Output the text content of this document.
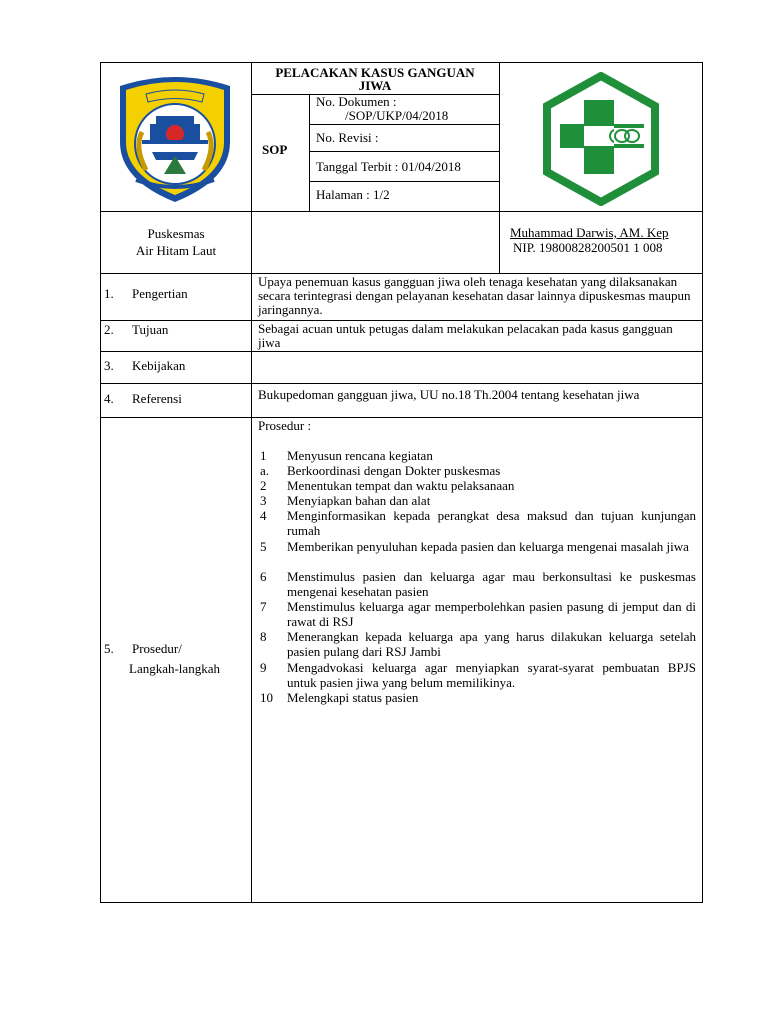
PELACAKAN KASUS GANGUAN
JIWA
SOP
No. Dokumen :
/SOP/UKP/04/2018
No. Revisi :
Tanggal Terbit : 01/04/2018
Halaman : 1/2
Puskesmas
Air Hitam Laut
Muhammad Darwis, AM. Kep
NIP. 19800828200501 1 008
1. Pengertian
2. Tujuan
3. Kebijakan
4. Referensi
5. Prosedur/
Langkah-langkah
Upaya penemuan kasus gangguan jiwa oleh tenaga kesehatan yang dilaksanakan secara terintegrasi dengan pelayanan kesehatan dasar lainnya dipuskesmas maupun jaringannya.
Sebagai acuan untuk petugas dalam melakukan pelacakan pada kasus gangguan jiwa
Bukupedoman gangguan jiwa, UU no.18 Th.2004 tentang kesehatan jiwa
Prosedur :
1 Menyusun rencana kegiatan
a. Berkoordinasi dengan Dokter puskesmas
2 Menentukan tempat dan waktu pelaksanaan
3 Menyiapkan bahan dan alat
4 Menginformasikan kepada perangkat desa maksud dan tujuan kunjungan rumah
5 Memberikan penyuluhan kepada pasien dan keluarga mengenai masalah jiwa
6 Menstimulus pasien dan keluarga agar mau berkonsultasi ke puskesmas mengenai kesehatan pasien
7 Menstimulus keluarga agar memperbolehkan pasien pasung di jemput dan di rawat di RSJ
8 Menerangkan kepada keluarga apa yang harus dilakukan keluarga setelah pasien pulang dari RSJ Jambi
9 Mengadvokasi keluarga agar menyiapkan syarat-syarat pembuatan BPJS untuk pasien jiwa yang belum memilikinya.
10 Melengkapi status pasien
